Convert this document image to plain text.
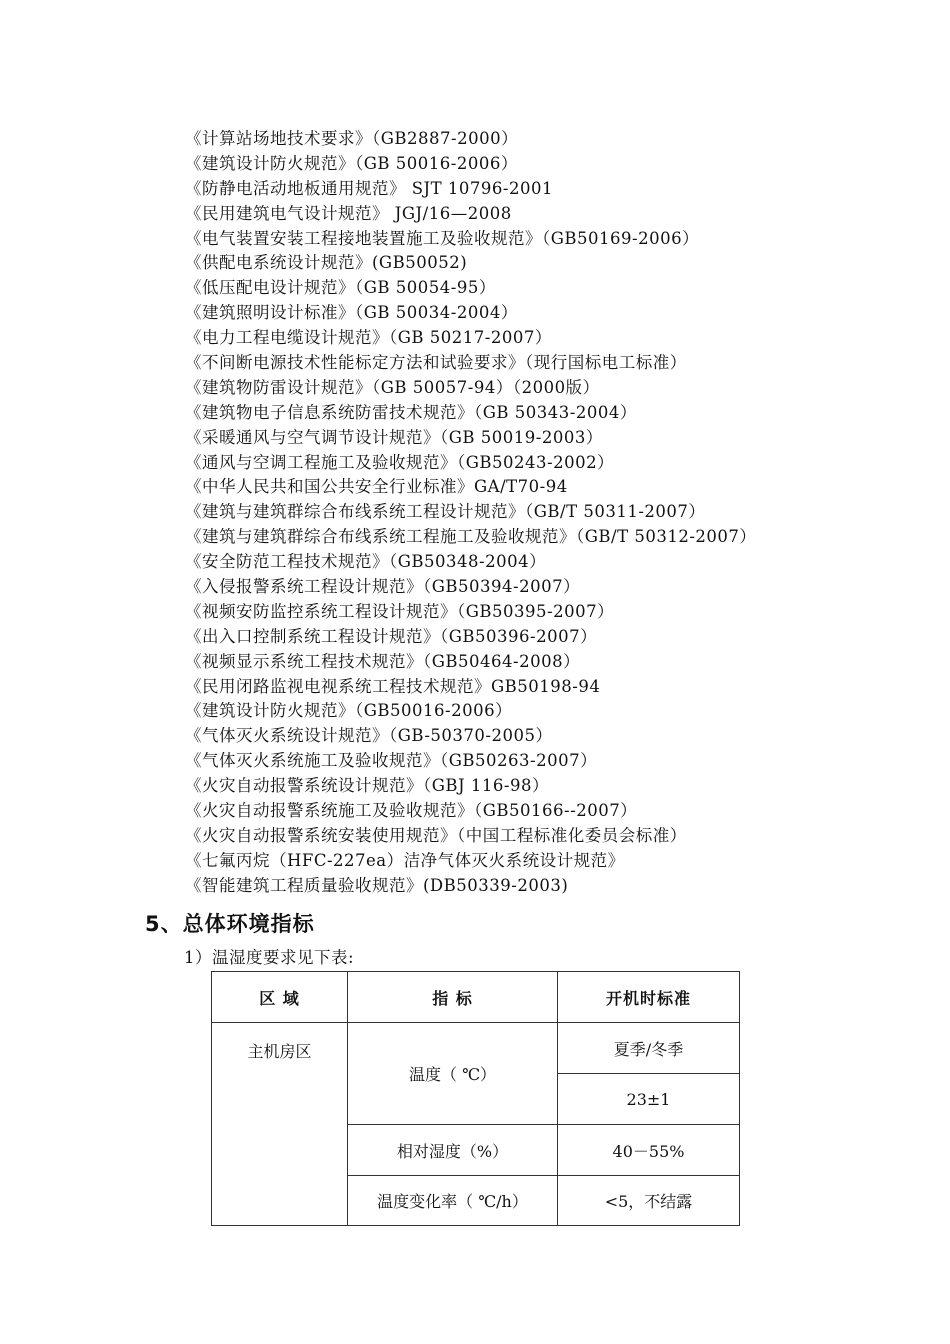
《计算站场地技术要求》（GB2887-2000）
《建筑设计防火规范》（GB 50016-2006）
《防静电活动地板通用规范》 SJT 10796-2001
《民用建筑电气设计规范》 JGJ/16—2008
《电气装置安装工程接地装置施工及验收规范》（GB50169-2006）
《供配电系统设计规范》(GB50052)
《低压配电设计规范》（GB 50054-95）
《建筑照明设计标准》（GB 50034-2004）
《电力工程电缆设计规范》（GB 50217-2007）
《不间断电源技术性能标定方法和试验要求》（现行国标电工标准）
《建筑物防雷设计规范》（GB 50057-94）（2000版）
《建筑物电子信息系统防雷技术规范》（GB 50343-2004）
《采暖通风与空气调节设计规范》（GB 50019-2003）
《通风与空调工程施工及验收规范》（GB50243-2002）
《中华人民共和国公共安全行业标准》GA/T70-94
《建筑与建筑群综合布线系统工程设计规范》（GB/T 50311-2007）
《建筑与建筑群综合布线系统工程施工及验收规范》（GB/T 50312-2007）
《安全防范工程技术规范》（GB50348-2004）
《入侵报警系统工程设计规范》（GB50394-2007）
《视频安防监控系统工程设计规范》（GB50395-2007）
《出入口控制系统工程设计规范》（GB50396-2007）
《视频显示系统工程技术规范》（GB50464-2008）
《民用闭路监视电视系统工程技术规范》GB50198-94
《建筑设计防火规范》（GB50016-2006）
《气体灭火系统设计规范》（GB-50370-2005）
《气体灭火系统施工及验收规范》（GB50263-2007）
《火灾自动报警系统设计规范》（GBJ 116-98）
《火灾自动报警系统施工及验收规范》（GB50166--2007）
《火灾自动报警系统安装使用规范》（中国工程标准化委员会标准）
《七氟丙烷（HFC-227ea）洁净气体灭火系统设计规范》
《智能建筑工程质量验收规范》(DB50339-2003)
5、总体环境指标
1）温湿度要求见下表:
区 域	指 标	开机时标准
主机房区	温度（ ℃）	夏季/冬季
		23±1
	相对湿度（%）	40－55%
	温度变化率（ ℃/h）	<5，不结露
